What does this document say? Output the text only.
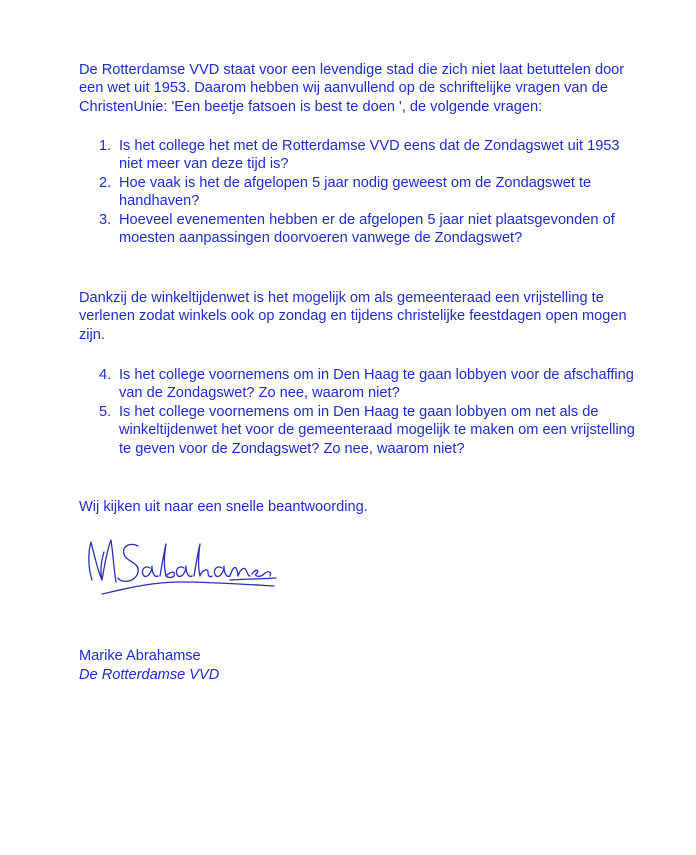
De Rotterdamse VVD staat voor een levendige stad die zich niet laat betuttelen door een wet uit 1953. Daarom hebben wij aanvullend op de schriftelijke vragen van de ChristenUnie: 'Een beetje fatsoen is best te doen ', de volgende vragen:

1. Is het college het met de Rotterdamse VVD eens dat de Zondagswet uit 1953 niet meer van deze tijd is?
2. Hoe vaak is het de afgelopen 5 jaar nodig geweest om de Zondagswet te handhaven?
3. Hoeveel evenementen hebben er de afgelopen 5 jaar niet plaatsgevonden of moesten aanpassingen doorvoeren vanwege de Zondagswet?

Dankzij de winkeltijdenwet is het mogelijk om als gemeenteraad een vrijstelling te verlenen zodat winkels ook op zondag en tijdens christelijke feestdagen open mogen zijn.

4. Is het college voornemens om in Den Haag te gaan lobbyen voor de afschaffing van de Zondagswet? Zo nee, waarom niet?
5. Is het college voornemens om in Den Haag te gaan lobbyen om net als de winkeltijdenwet het voor de gemeenteraad mogelijk te maken om een vrijstelling te geven voor de Zondagswet? Zo nee, waarom niet?

Wij kijken uit naar een snelle beantwoording.

Marike Abrahamse
De Rotterdamse VVD
